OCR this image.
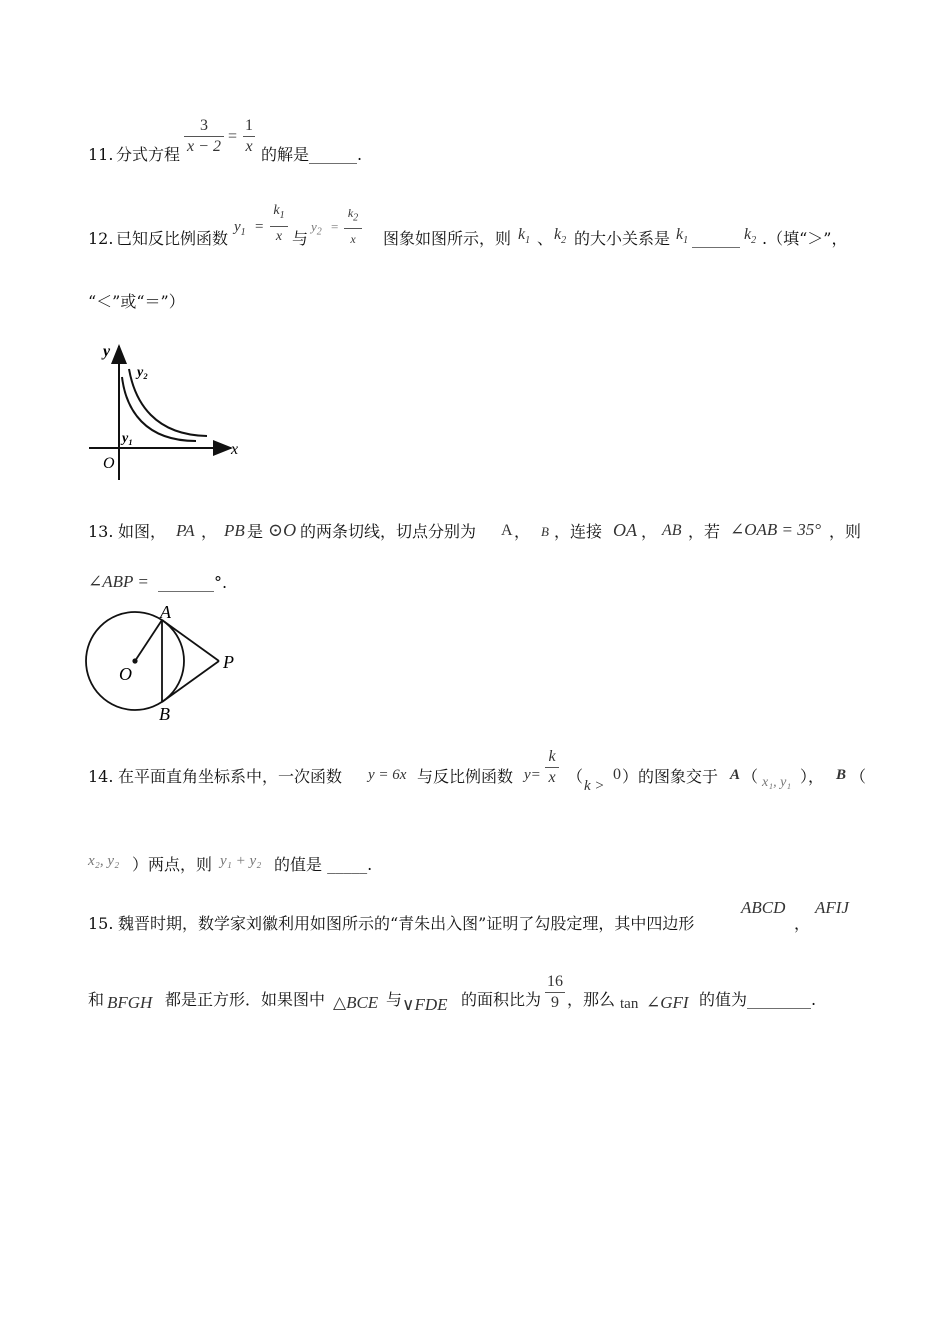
11. 分式方程
3
x − 2
=
1
x 的解是______.
12. 已知反比例函数
$y_1$ =
$k_1$
x 与
$y_2$ =
$k_2$
x	图象如图所示，则 $k_1$ 、 $k_2$ 的大小关系是 $k_1$ ______ $k_2$ .（填“＞”，
“＜”或“＝”）
y
x
O
y₁
y₂
13. 如图， PA ， PB 是 ⊙O 的两条切线，切点分别为 A ， B ，连接 OA ， AB ，若 ∠OAB = 35° ，则
∠ABP = _______°.
A
B
O
P
14. 在平面直角坐标系中，一次函数 y = 6x 与反比例函数 y=
k
x （ k >
0 ）的图象交于 A （ x₁, y₁ ）， B （
x₂, y₂ ）两点，则 y₁ + y₂ 的值是 _____.
15. 魏晋时期，数学家刘徽利用如图所示的“青朱出入图”证明了勾股定理，其中四边形
ABCD
，
AFIJ
和 BFGH 都是正方形．如果图中 △BCE 与 ∨FDE 的面积比为
16
9 ，那么 tan ∠GFI 的值为________.
